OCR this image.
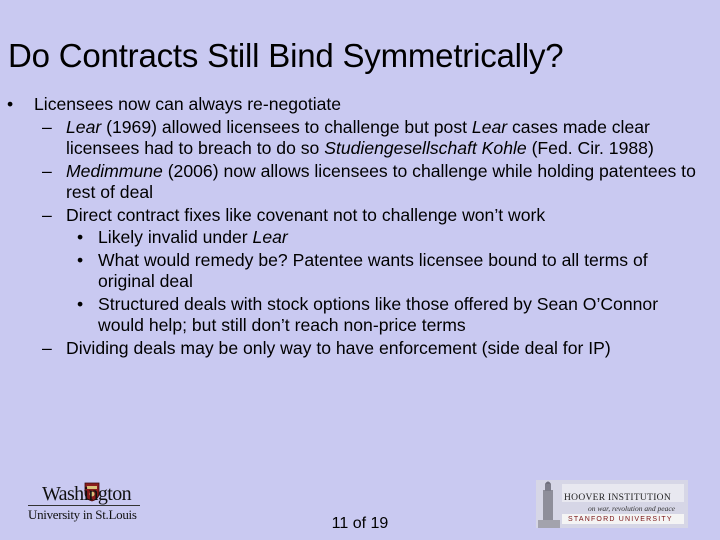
Do Contracts Still Bind Symmetrically?
• Licensees now can always re-negotiate
– Lear (1969) allowed licensees to challenge but post Lear cases made clear licensees had to breach to do so Studiengesellschaft Kohle (Fed. Cir. 1988)
– Medimmune (2006) now allows licensees to challenge while holding patentees to rest of deal
– Direct contract fixes like covenant not to challenge won’t work
• Likely invalid under Lear
• What would remedy be? Patentee wants licensee bound to all terms of original deal
• Structured deals with stock options like those offered by Sean O’Connor would help; but still don’t reach non-price terms
– Dividing deals may be only way to have enforcement (side deal for IP)
Washington
University in St.Louis
HOOVER INSTITUTION
on war, revolution and peace
STANFORD UNIVERSITY
11 of 19
